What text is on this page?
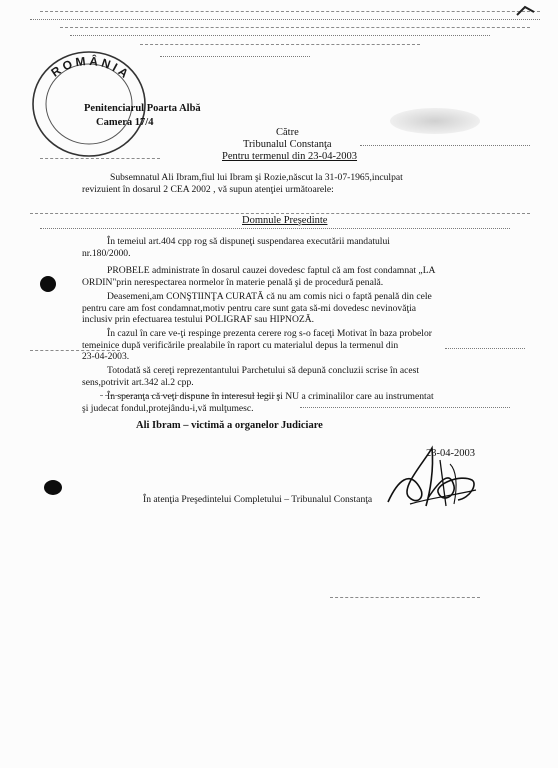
ROMÂNIA
Penitenciarul Poarta Albă
Camera 17/4
Către
Tribunalul Constanţa
Pentru termenul din 23-04-2003
Subsemnatul Ali Ibram,fiul lui Ibram şi Rozie,născut la 31-07-1965,inculpat
revizuient în dosarul 2 CEA 2002 , vă supun atenţiei următoarele:
Domnule Preşedinte
În temeiul art.404 cpp rog să dispuneţi suspendarea executării mandatului
nr.180/2000.
PROBELE administrate în dosarul cauzei dovedesc faptul că am fost condamnat „LA
ORDIN"prin nerespectarea normelor în materie penală şi de procedură penală.
Deasemeni,am CONŞTIINŢA CURATĂ că nu am comis nici o faptă penală din cele
pentru care am fost condamnat,motiv pentru care sunt gata să-mi dovedesc nevinovăţia
inclusiv prin efectuarea testului POLIGRAF sau HIPNOZĂ.
În cazul în care ve-ţi respinge prezenta cerere rog s-o faceţi Motivat în baza probelor
temeinice după verificările prealabile în raport cu materialul depus la termenul din
23-04-2003.
Totodată să cereţi reprezentantului Parchetului să depună concluzii scrise în acest
sens,potrivit art.342 al.2 cpp.
În speranţa că veţi dispune în interesul legii şi NU a criminalilor care au instrumentat
şi judecat fondul,protejându-i,vă mulţumesc.
Ali Ibram – victimă a organelor Judiciare
23-04-2003
În atenţia Preşedintelui Completului – Tribunalul Constanţa
